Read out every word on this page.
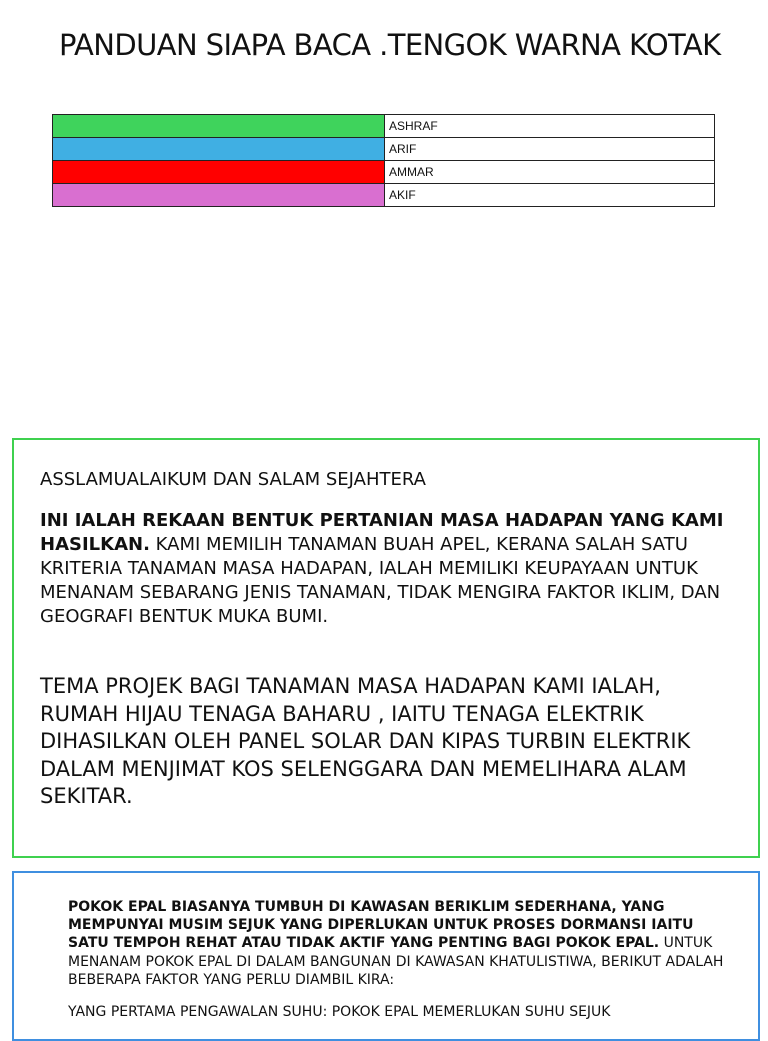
PANDUAN SIAPA BACA .TENGOK WARNA KOTAK
	ASHRAF
	ARIF
	AMMAR
	AKIF

ASSLAMUALAIKUM DAN SALAM SEJAHTERA

INI IALAH REKAAN BENTUK PERTANIAN MASA HADAPAN YANG KAMI HASILKAN. KAMI MEMILIH TANAMAN BUAH APEL, KERANA SALAH SATU KRITERIA TANAMAN MASA HADAPAN, IALAH MEMILIKI KEUPAYAAN UNTUK MENANAM SEBARANG JENIS TANAMAN, TIDAK MENGIRA FAKTOR IKLIM, DAN GEOGRAFI BENTUK MUKA BUMI.

TEMA PROJEK BAGI TANAMAN MASA HADAPAN KAMI IALAH, RUMAH HIJAU TENAGA BAHARU , IAITU TENAGA ELEKTRIK DIHASILKAN OLEH PANEL SOLAR DAN KIPAS TURBIN ELEKTRIK DALAM MENJIMAT KOS SELENGGARA DAN MEMELIHARA ALAM SEKITAR.

POKOK EPAL BIASANYA TUMBUH DI KAWASAN BERIKLIM SEDERHANA, YANG MEMPUNYAI MUSIM SEJUK YANG DIPERLUKAN UNTUK PROSES DORMANSI IAITU SATU TEMPOH REHAT ATAU TIDAK AKTIF YANG PENTING BAGI POKOK EPAL. UNTUK MENANAM POKOK EPAL DI DALAM BANGUNAN DI KAWASAN KHATULISTIWA, BERIKUT ADALAH BEBERAPA FAKTOR YANG PERLU DIAMBIL KIRA:

YANG PERTAMA PENGAWALAN SUHU: POKOK EPAL MEMERLUKAN SUHU SEJUK
